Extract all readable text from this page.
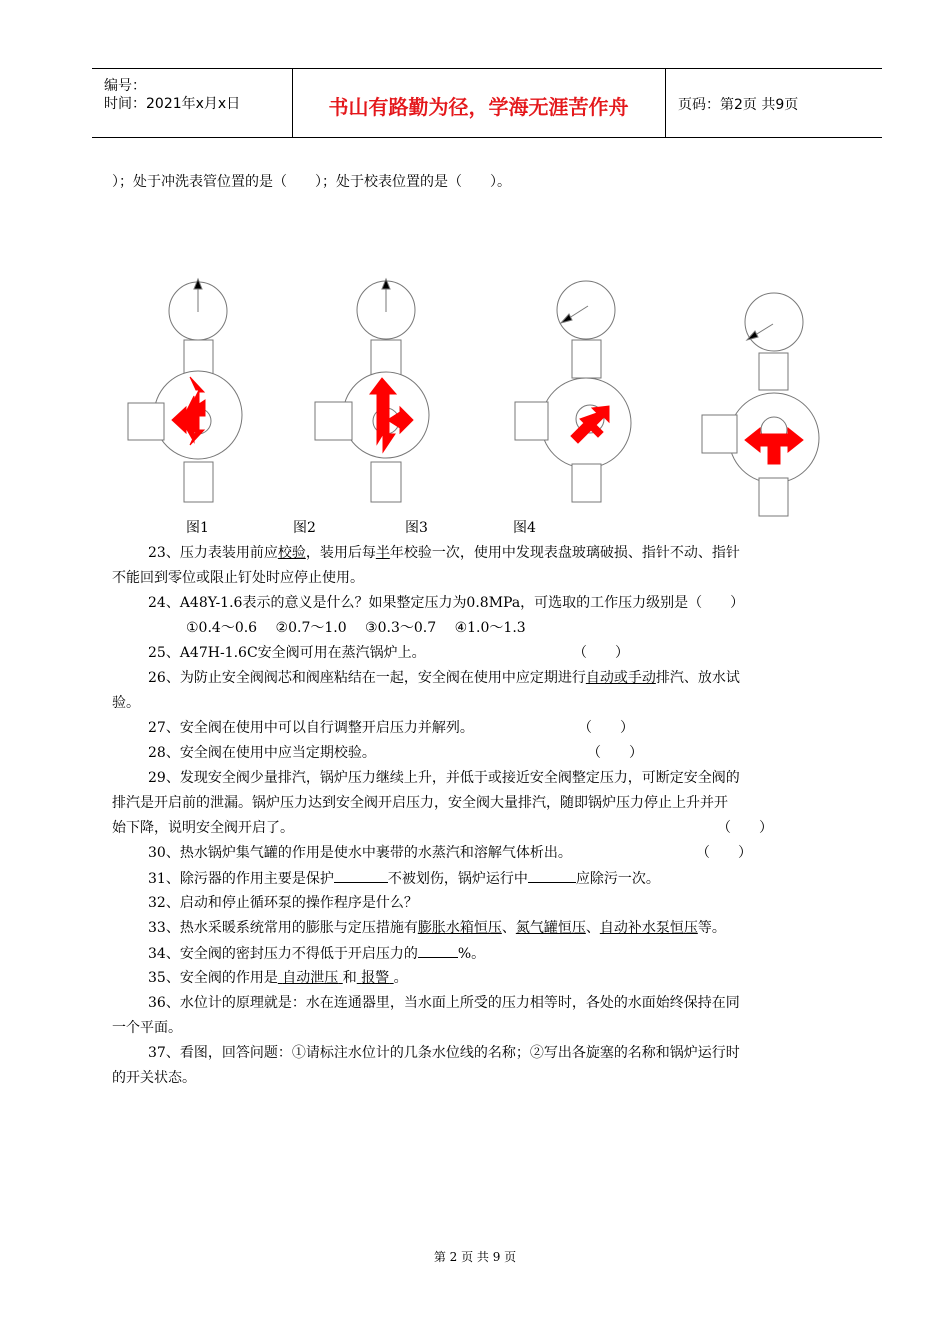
编号：
时间：2021年x月x日	书山有路勤为径，学海无涯苦作舟	页码：第2页 共9页
）；处于冲洗表管位置的是（　　）；处于校表位置的是（　　）。
图1	图2	图3	图4
23、压力表装用前应校验，装用后每半年校验一次，使用中发现表盘玻璃破损、指针不动、指针
不能回到零位或限止钉处时应停止使用。
24、A48Y-1.6表示的意义是什么？如果整定压力为0.8MPa，可选取的工作压力级别是（　　）
①0.4～0.6　 ②0.7～1.0　 ③0.3～0.7　 ④1.0～1.3
25、A47H-1.6C安全阀可用在蒸汽锅炉上。	（　　）
26、为防止安全阀阀芯和阀座粘结在一起，安全阀在使用中应定期进行自动或手动排汽、放水试
验。
27、安全阀在使用中可以自行调整开启压力并解列。	（　　）
28、安全阀在使用中应当定期校验。	（　　）
29、发现安全阀少量排汽，锅炉压力继续上升，并低于或接近安全阀整定压力，可断定安全阀的
排汽是开启前的泄漏。锅炉压力达到安全阀开启压力，安全阀大量排汽，随即锅炉压力停止上升并开
始下降，说明安全阀开启了。	（　　）
30、热水锅炉集气罐的作用是使水中裹带的水蒸汽和溶解气体析出。	（　　）
31、除污器的作用主要是保护	不被划伤，锅炉运行中	应除污一次。
32、启动和停止循环泵的操作程序是什么？
33、热水采暖系统常用的膨胀与定压措施有膨胀水箱恒压、氮气罐恒压、自动补水泵恒压等。
34、安全阀的密封压力不得低于开启压力的	%。
35、安全阀的作用是 自动泄压 和 报警 。
36、水位计的原理就是：水在连通器里，当水面上所受的压力相等时，各处的水面始终保持在同
一个平面。
37、看图，回答问题：①请标注水位计的几条水位线的名称；②写出各旋塞的名称和锅炉运行时
的开关状态。
第 2 页 共 9 页
